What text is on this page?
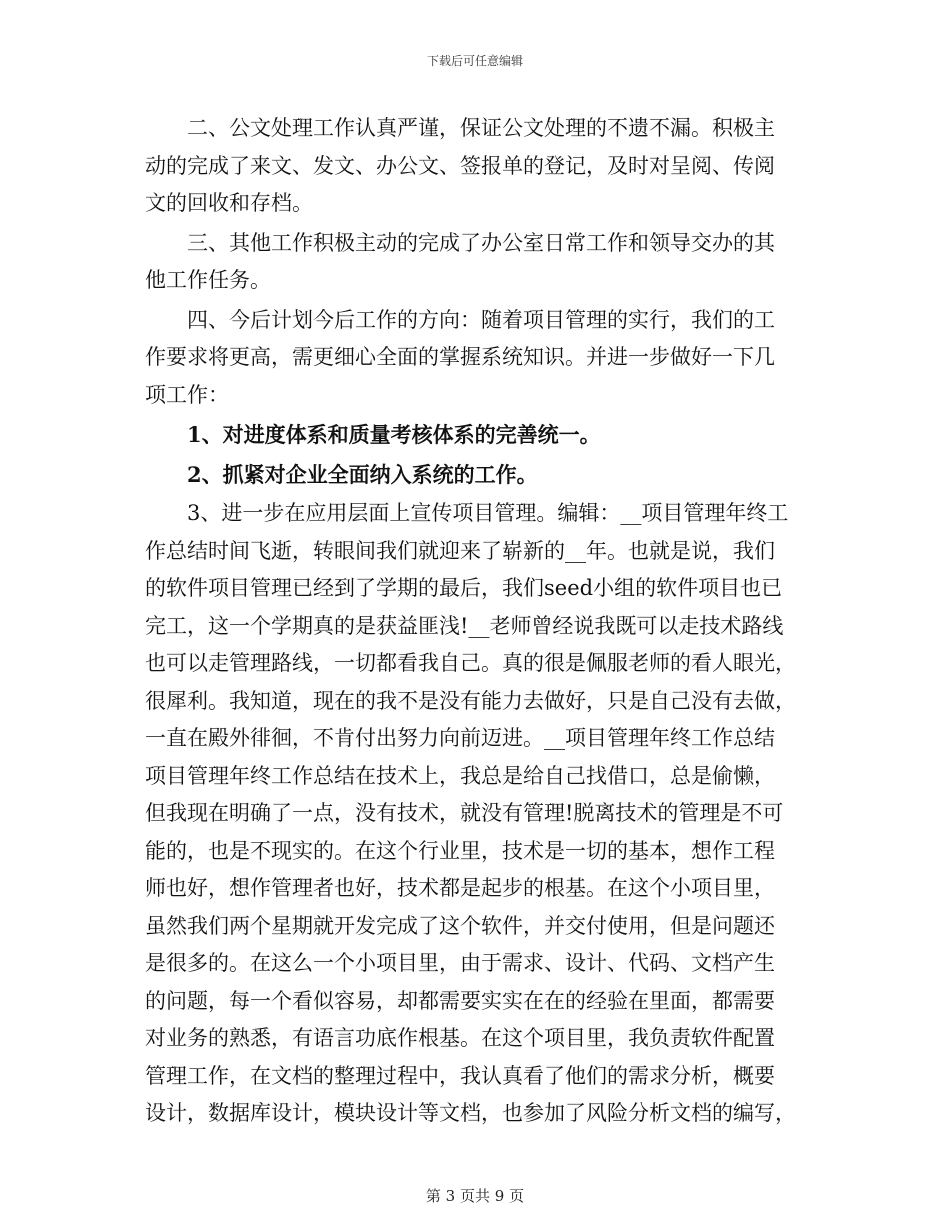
下载后可任意编辑

二、公文处理工作认真严谨，保证公文处理的不遗不漏。积极主
动的完成了来文、发文、办公文、签报单的登记，及时对呈阅、传阅
文的回收和存档。

三、其他工作积极主动的完成了办公室日常工作和领导交办的其
他工作任务。

四、今后计划今后工作的方向：随着项目管理的实行，我们的工
作要求将更高，需更细心全面的掌握系统知识。并进一步做好一下几
项工作：

1、对进度体系和质量考核体系的完善统一。

2、抓紧对企业全面纳入系统的工作。

3、进一步在应用层面上宣传项目管理。编辑：__项目管理年终工
作总结时间飞逝，转眼间我们就迎来了崭新的__年。也就是说，我们
的软件项目管理已经到了学期的最后，我们seed小组的软件项目也已
完工，这一个学期真的是获益匪浅!__老师曾经说我既可以走技术路线
也可以走管理路线，一切都看我自己。真的很是佩服老师的看人眼光，
很犀利。我知道，现在的我不是没有能力去做好，只是自己没有去做，
一直在殿外徘徊，不肯付出努力向前迈进。__项目管理年终工作总结
项目管理年终工作总结在技术上，我总是给自己找借口，总是偷懒，
但我现在明确了一点，没有技术，就没有管理!脱离技术的管理是不可
能的，也是不现实的。在这个行业里，技术是一切的基本，想作工程
师也好，想作管理者也好，技术都是起步的根基。在这个小项目里，
虽然我们两个星期就开发完成了这个软件，并交付使用，但是问题还
是很多的。在这么一个小项目里，由于需求、设计、代码、文档产生
的问题，每一个看似容易，却都需要实实在在的经验在里面，都需要
对业务的熟悉，有语言功底作根基。在这个项目里，我负责软件配置
管理工作，在文档的整理过程中，我认真看了他们的需求分析，概要
设计，数据库设计，模块设计等文档，也参加了风险分析文档的编写，

第 3 页共 9 页
